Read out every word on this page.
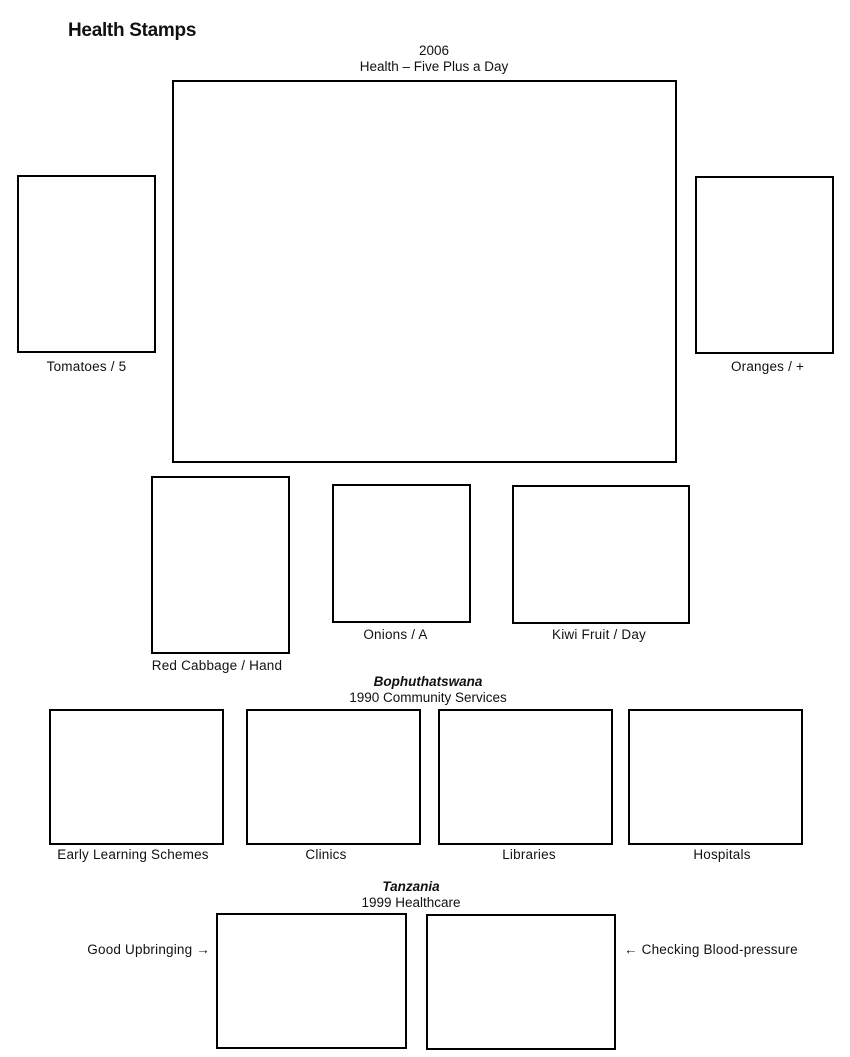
Health Stamps
2006
Health – Five Plus a Day
Tomatoes / 5	Oranges / +
Red Cabbage / Hand
Onions / A	Kiwi Fruit / Day
Bophuthatswana
1990 Community Services
Early Learning Schemes	Clinics	Libraries	Hospitals
Tanzania
1999 Healthcare
Good Upbringing →	← Checking Blood-pressure
